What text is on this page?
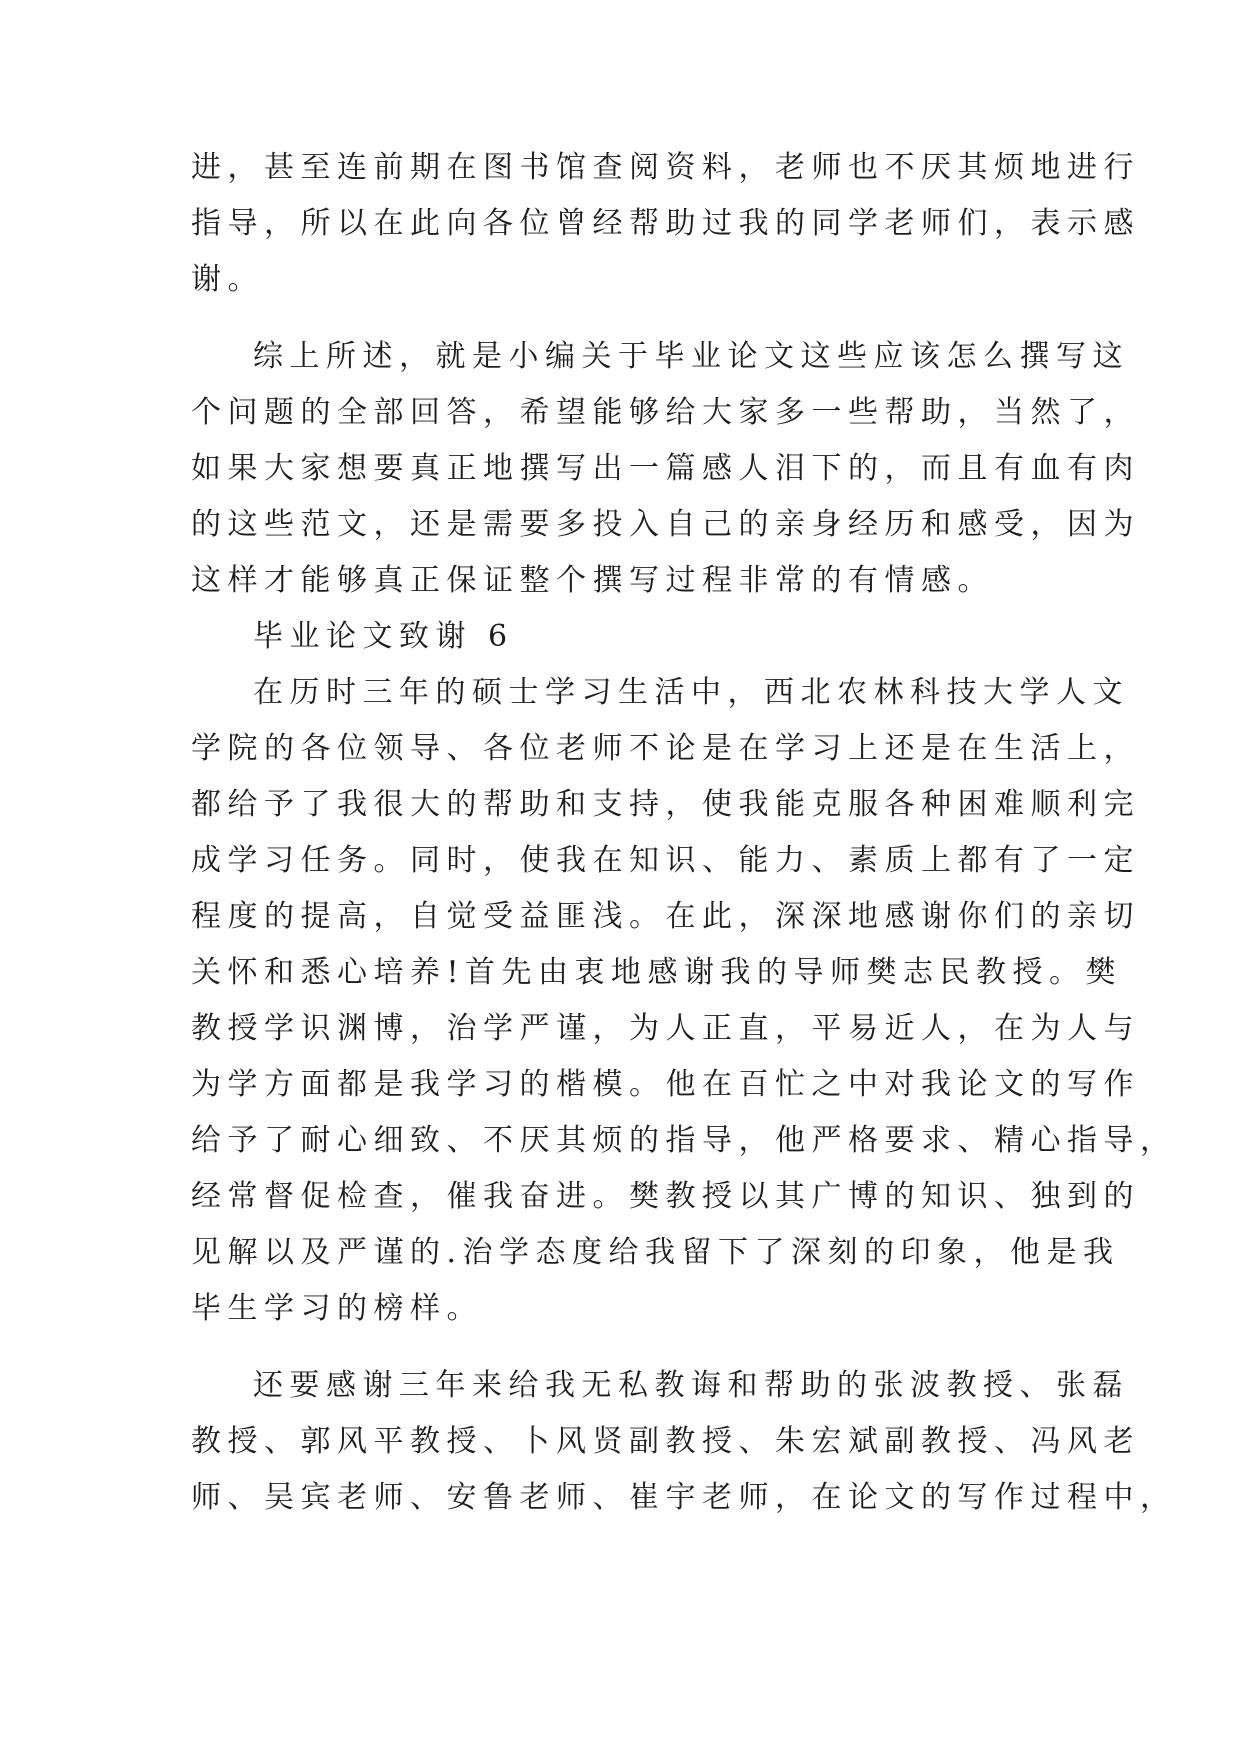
进，甚至连前期在图书馆查阅资料，老师也不厌其烦地进行
指导，所以在此向各位曾经帮助过我的同学老师们，表示感
谢。
综上所述，就是小编关于毕业论文这些应该怎么撰写这
个问题的全部回答，希望能够给大家多一些帮助，当然了，
如果大家想要真正地撰写出一篇感人泪下的，而且有血有肉
的这些范文，还是需要多投入自己的亲身经历和感受，因为
这样才能够真正保证整个撰写过程非常的有情感。
毕业论文致谢 6
在历时三年的硕士学习生活中，西北农林科技大学人文
学院的各位领导、各位老师不论是在学习上还是在生活上，
都给予了我很大的帮助和支持，使我能克服各种困难顺利完
成学习任务。同时，使我在知识、能力、素质上都有了一定
程度的提高，自觉受益匪浅。在此，深深地感谢你们的亲切
关怀和悉心培养!首先由衷地感谢我的导师樊志民教授。樊
教授学识渊博，治学严谨，为人正直，平易近人，在为人与
为学方面都是我学习的楷模。他在百忙之中对我论文的写作
给予了耐心细致、不厌其烦的指导，他严格要求、精心指导，
经常督促检查，催我奋进。樊教授以其广博的知识、独到的
见解以及严谨的.治学态度给我留下了深刻的印象，他是我
毕生学习的榜样。
还要感谢三年来给我无私教诲和帮助的张波教授、张磊
教授、郭风平教授、卜风贤副教授、朱宏斌副教授、冯风老
师、吴宾老师、安鲁老师、崔宇老师，在论文的写作过程中，
